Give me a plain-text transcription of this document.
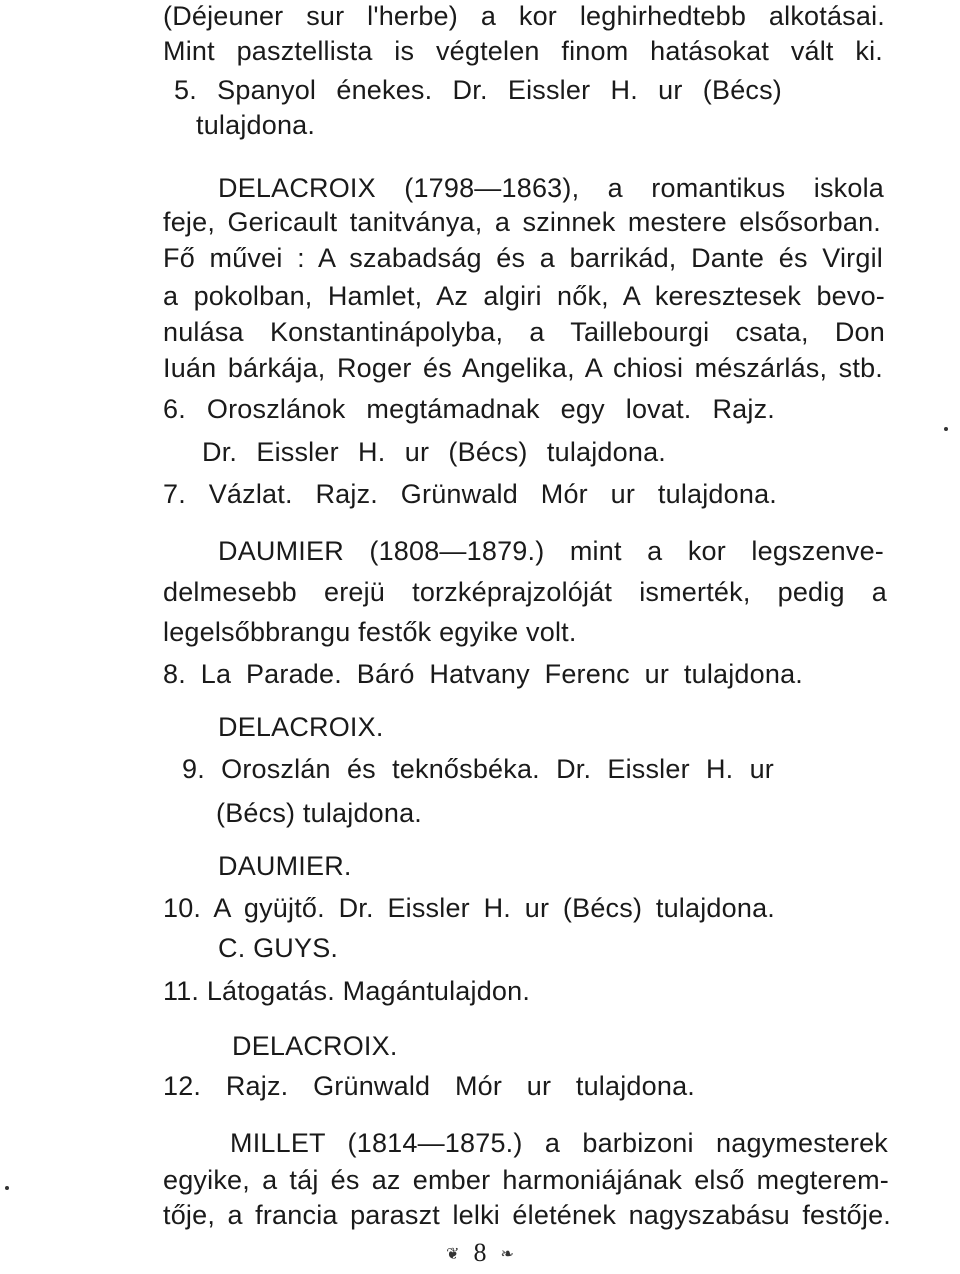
(Déjeuner sur l'herbe) a kor leghirhedtebb alkotásai.
Mint pasztellista is végtelen finom hatásokat vált ki.
5. Spanyol énekes. Dr. Eissler H. ur (Bécs)
tulajdona.
DELACROIX (1798—1863), a romantikus iskola
feje, Gericault tanitványa, a szinnek mestere elsősorban.
Fő művei : A szabadság és a barrikád, Dante és Virgil
a pokolban, Hamlet, Az algiri nők, A keresztesek bevo-
nulása Konstantinápolyba, a Taillebourgi csata, Don
Iuán bárkája, Roger és Angelika, A chiosi mészárlás, stb.
6. Oroszlánok megtámadnak egy lovat. Rajz.
Dr. Eissler H. ur (Bécs) tulajdona.
7. Vázlat. Rajz. Grünwald Mór ur tulajdona.
DAUMIER (1808—1879.) mint a kor legszenve-
delmesebb erejü torzképrajzolóját ismerték, pedig a
legelsőbbrangu festők egyike volt.
8. La Parade. Báró Hatvany Ferenc ur tulajdona.
DELACROIX.
9. Oroszlán és teknősbéka. Dr. Eissler H. ur
(Bécs) tulajdona.
DAUMIER.
10. A gyüjtő. Dr. Eissler H. ur (Bécs) tulajdona.
C. GUYS.
11. Látogatás. Magántulajdon.
DELACROIX.
12. Rajz. Grünwald Mór ur tulajdona.
MILLET (1814—1875.) a barbizoni nagymesterek
egyike, a táj és az ember harmoniájának első megterem-
tője, a francia paraszt lelki életének nagyszabásu festője.
❦ 8 ❧
